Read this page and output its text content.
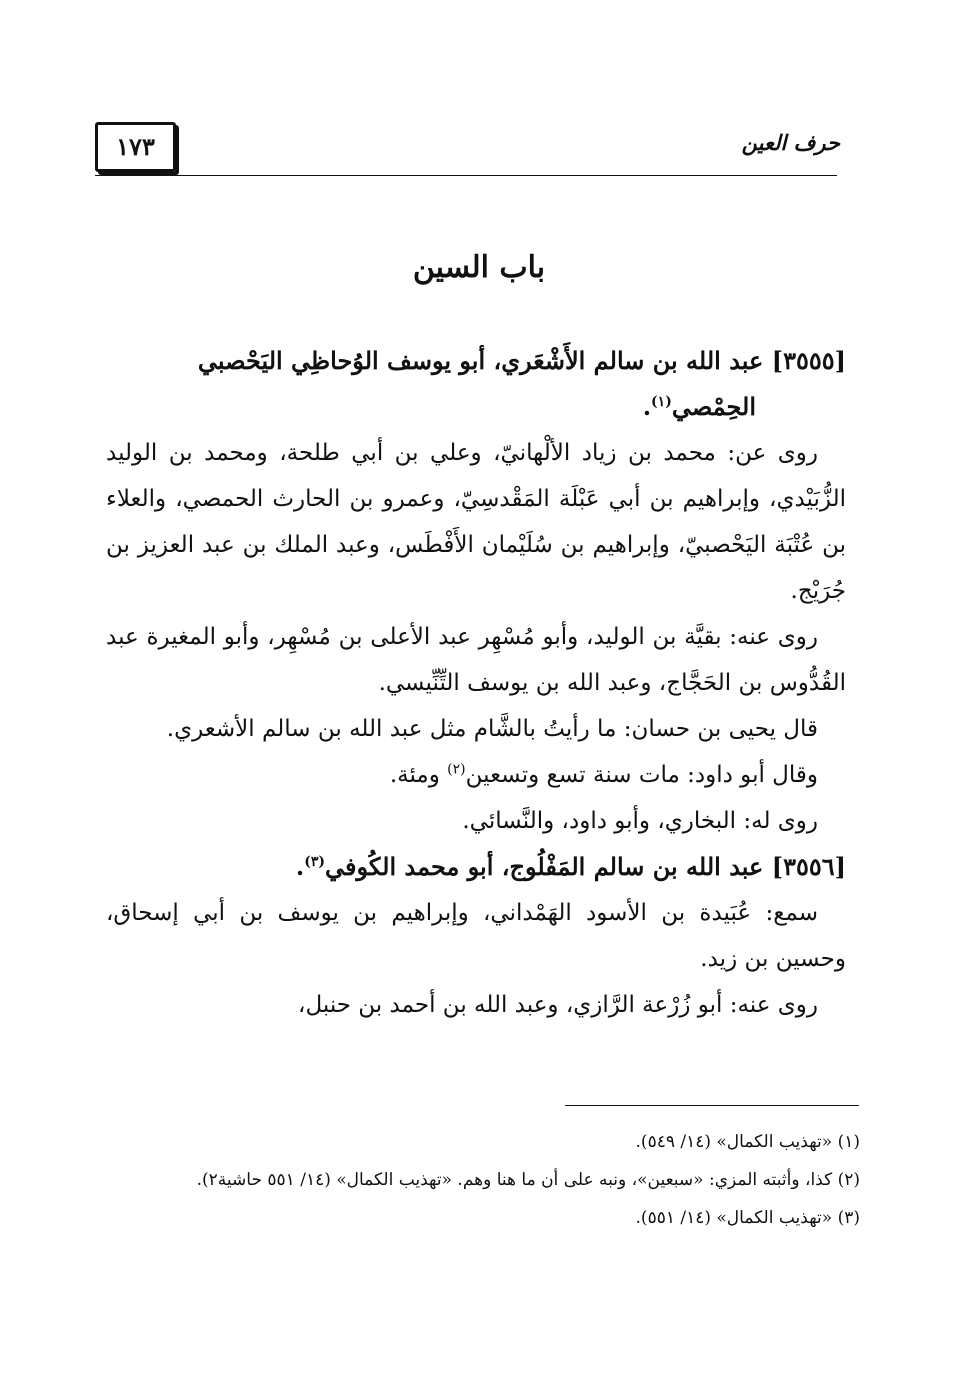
حرف العين
١٧٣
باب السين

[٣٥٥٥] عبد الله بن سالم الأَشْعَري، أبو يوسف الوُحاظِي اليَحْصبي
الحِمْصي$^{(١)}$.

روى عن: محمد بن زياد الألْهانيّ، وعلي بن أبي طلحة، ومحمد بن الوليد الزُّبَيْدي، وإبراهيم بن أبي عَبْلَة المَقْدسِيّ، وعمرو بن الحارث الحمصي، والعلاء بن عُتْبَة اليَحْصبيّ، وإبراهيم بن سُلَيْمان الأَفْطَس، وعبد الملك بن عبد العزيز بن جُرَيْج.

روى عنه: بقيَّة بن الوليد، وأبو مُسْهِر عبد الأعلى بن مُسْهِر، وأبو المغيرة عبد القُدُّوس بن الحَجَّاج، وعبد الله بن يوسف التِّنِّيسي.

قال يحيى بن حسان: ما رأيتُ بالشَّام مثل عبد الله بن سالم الأشعري.

وقال أبو داود: مات سنة تسع وتسعين$^{(٢)}$ ومئة.

روى له: البخاري، وأبو داود، والنَّسائي.

[٣٥٥٦] عبد الله بن سالم المَفْلُوج، أبو محمد الكُوفي$^{(٣)}$.

سمع: عُبَيدة بن الأسود الهَمْداني، وإبراهيم بن يوسف بن أبي إسحاق، وحسين بن زيد.

روى عنه: أبو زُرْعة الرَّازي، وعبد الله بن أحمد بن حنبل،

(١) «تهذيب الكمال» (١٤/ ٥٤٩).

(٢) كذا، وأثبته المزي: «سبعين»، ونبه على أن ما هنا وهم. «تهذيب الكمال» (١٤/ ٥٥١ حاشية٢).

(٣) «تهذيب الكمال» (١٤/ ٥٥١).
